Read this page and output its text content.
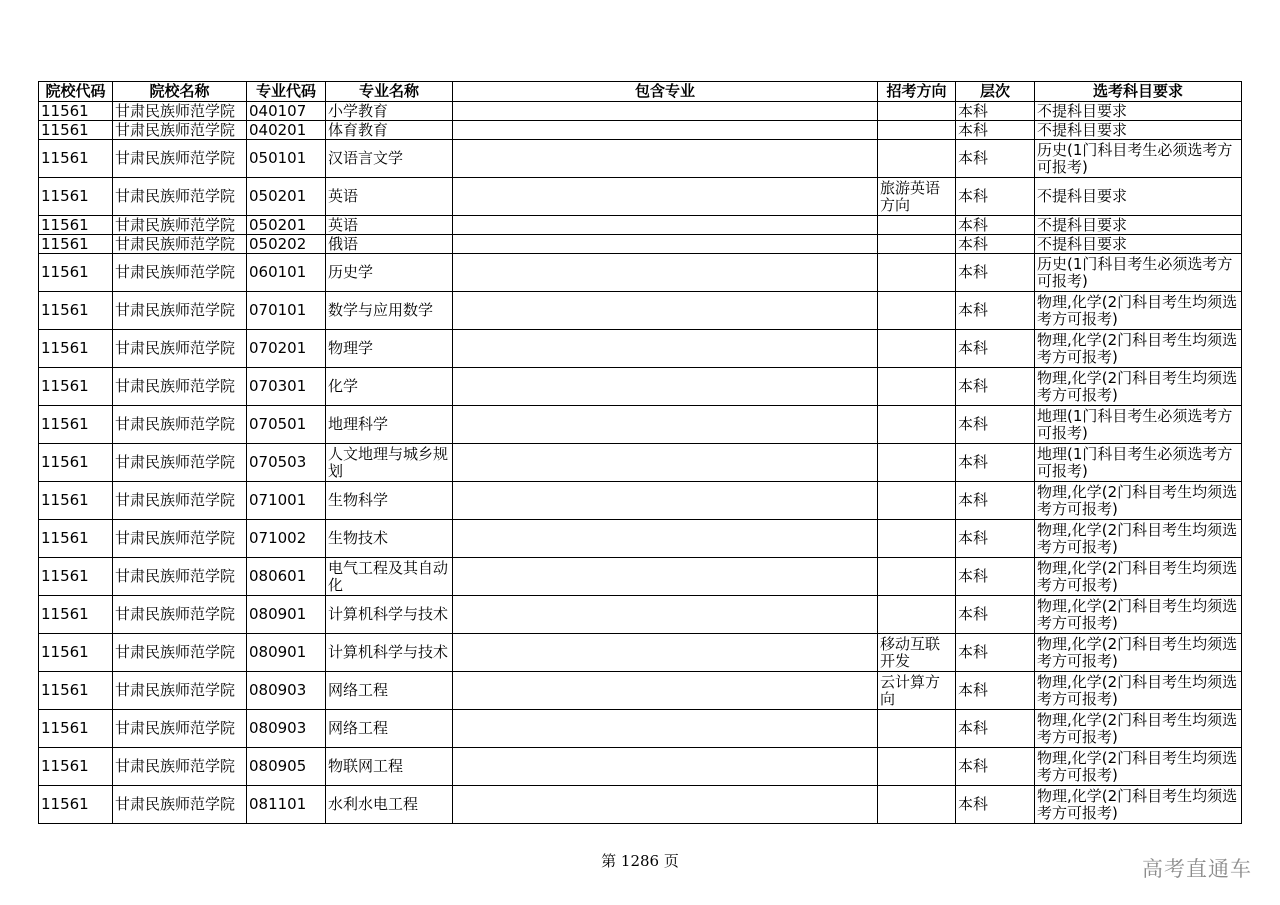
院校代码	院校名称	专业代码	专业名称	包含专业	招考方向	层次	选考科目要求
11561	甘肃民族师范学院	040107	小学教育			本科	不提科目要求
11561	甘肃民族师范学院	040201	体育教育			本科	不提科目要求
11561	甘肃民族师范学院	050101	汉语言文学			本科	历史(1门科目考生必须选考方可报考)
11561	甘肃民族师范学院	050201	英语		旅游英语方向	本科	不提科目要求
11561	甘肃民族师范学院	050201	英语			本科	不提科目要求
11561	甘肃民族师范学院	050202	俄语			本科	不提科目要求
11561	甘肃民族师范学院	060101	历史学			本科	历史(1门科目考生必须选考方可报考)
11561	甘肃民族师范学院	070101	数学与应用数学			本科	物理,化学(2门科目考生均须选考方可报考)
11561	甘肃民族师范学院	070201	物理学			本科	物理,化学(2门科目考生均须选考方可报考)
11561	甘肃民族师范学院	070301	化学			本科	物理,化学(2门科目考生均须选考方可报考)
11561	甘肃民族师范学院	070501	地理科学			本科	地理(1门科目考生必须选考方可报考)
11561	甘肃民族师范学院	070503	人文地理与城乡规划			本科	地理(1门科目考生必须选考方可报考)
11561	甘肃民族师范学院	071001	生物科学			本科	物理,化学(2门科目考生均须选考方可报考)
11561	甘肃民族师范学院	071002	生物技术			本科	物理,化学(2门科目考生均须选考方可报考)
11561	甘肃民族师范学院	080601	电气工程及其自动化			本科	物理,化学(2门科目考生均须选考方可报考)
11561	甘肃民族师范学院	080901	计算机科学与技术			本科	物理,化学(2门科目考生均须选考方可报考)
11561	甘肃民族师范学院	080901	计算机科学与技术		移动互联开发	本科	物理,化学(2门科目考生均须选考方可报考)
11561	甘肃民族师范学院	080903	网络工程		云计算方向	本科	物理,化学(2门科目考生均须选考方可报考)
11561	甘肃民族师范学院	080903	网络工程			本科	物理,化学(2门科目考生均须选考方可报考)
11561	甘肃民族师范学院	080905	物联网工程			本科	物理,化学(2门科目考生均须选考方可报考)
11561	甘肃民族师范学院	081101	水利水电工程			本科	物理,化学(2门科目考生均须选考方可报考)
第 1286 页	高考直通车
